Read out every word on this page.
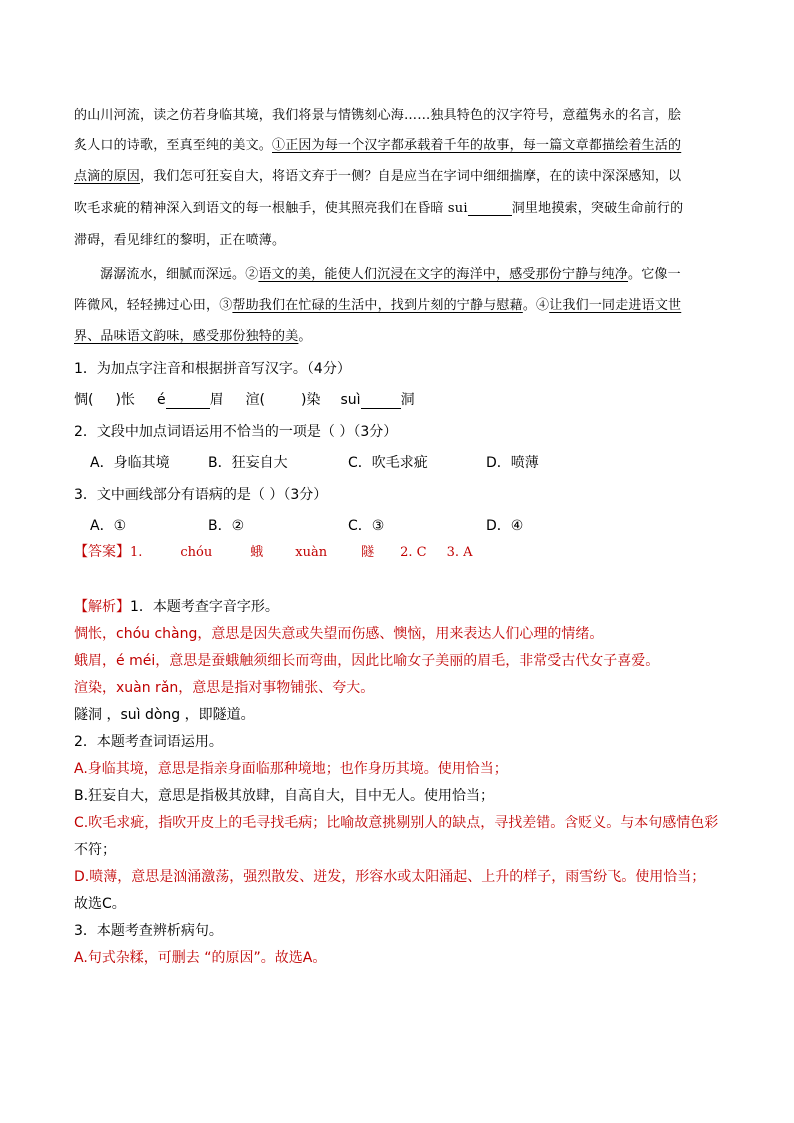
的山川河流，读之仿若身临其境，我们将景与情镌刻心海……独具特色的汉字符号，意蕴隽永的名言，脍
炙人口的诗歌，至真至纯的美文。①正因为每一个汉字都承载着千年的故事，每一篇文章都描绘着生活的
点滴的原因，我们怎可狂妄自大，将语文弃于一侧？自是应当在字词中细细揣摩，在的读中深深感知，以
吹毛求疵的精神深入到语文的每一根触手，使其照亮我们在昏暗 sui	洞里地摸索，突破生命前行的
滞碍，看见绯红的黎明，正在喷薄。
潺潺流水，细腻而深远。②语文的美，能使人们沉浸在文字的海洋中，感受那份宁静与纯净。它像一
阵微风，轻轻拂过心田，③帮助我们在忙碌的生活中，找到片刻的宁静与慰藉。④让我们一同走进语文世
界、品味语文韵味，感受那份独特的美。
1．为加点字注音和根据拼音写汉字。（4分）
惆( )怅 é	眉 渲(	)染 suì	洞
2．文段中加点词语运用不恰当的一项是（ ）（3分）
A．身临其境	B．狂妄自大	C．吹毛求疵	D．喷薄
3．文中画线部分有语病的是（ ）（3分）
A．①	B．②	C．③	D．④
【答案】1.	chóu	蛾 xuàn	隧 2. C 3. A
【解析】1．本题考查字音字形。
惆怅，chóu chàng，意思是因失意或失望而伤感、懊恼，用来表达人们心理的情绪。
蛾眉，é méi，意思是蚕蛾触须细长而弯曲，因此比喻女子美丽的眉毛，非常受古代女子喜爱。
渲染，xuàn rǎn，意思是指对事物铺张、夸大。
隧洞 ，suì dòng ，即隧道。
2．本题考查词语运用。
A.身临其境，意思是指亲身面临那种境地；也作身历其境。使用恰当；
B.狂妄自大，意思是指极其放肆，自高自大，目中无人。使用恰当；
C.吹毛求疵，指吹开皮上的毛寻找毛病；比喻故意挑剔别人的缺点，寻找差错。含贬义。与本句感情色彩
不符；
D.喷薄，意思是汹涌激荡，强烈散发、迸发，形容水或太阳涌起、上升的样子，雨雪纷飞。使用恰当；
故选C。
3．本题考查辨析病句。
A.句式杂糅，可删去 “的原因”。故选A。
